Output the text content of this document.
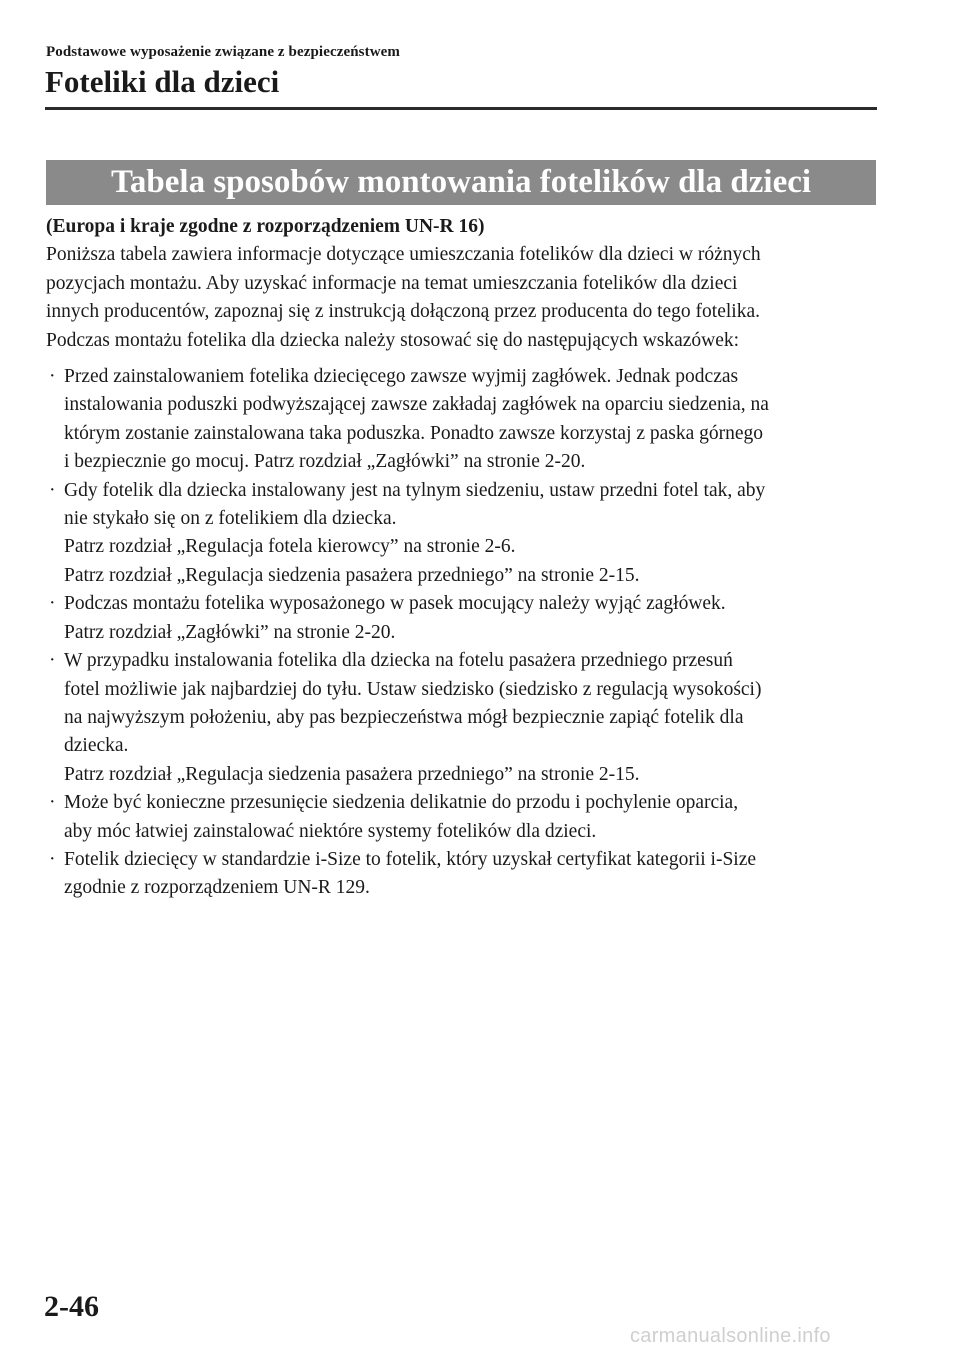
Podstawowe wyposażenie związane z bezpieczeństwem
Foteliki dla dzieci
Tabela sposobów montowania fotelików dla dzieci

(Europa i kraje zgodne z rozporządzeniem UN-R 16)

Poniższa tabela zawiera informacje dotyczące umieszczania fotelików dla dzieci w różnych
pozycjach montażu. Aby uzyskać informacje na temat umieszczania fotelików dla dzieci
innych producentów, zapoznaj się z instrukcją dołączoną przez producenta do tego fotelika.
Podczas montażu fotelika dla dziecka należy stosować się do następujących wskazówek:

· Przed zainstalowaniem fotelika dziecięcego zawsze wyjmij zagłówek. Jednak podczas
instalowania poduszki podwyższającej zawsze zakładaj zagłówek na oparciu siedzenia, na
którym zostanie zainstalowana taka poduszka. Ponadto zawsze korzystaj z paska górnego
i bezpiecznie go mocuj. Patrz rozdział „Zagłówki” na stronie 2-20.
· Gdy fotelik dla dziecka instalowany jest na tylnym siedzeniu, ustaw przedni fotel tak, aby
nie stykało się on z fotelikiem dla dziecka.
Patrz rozdział „Regulacja fotela kierowcy” na stronie 2-6.
Patrz rozdział „Regulacja siedzenia pasażera przedniego” na stronie 2-15.
· Podczas montażu fotelika wyposażonego w pasek mocujący należy wyjąć zagłówek.
Patrz rozdział „Zagłówki” na stronie 2-20.
· W przypadku instalowania fotelika dla dziecka na fotelu pasażera przedniego przesuń
fotel możliwie jak najbardziej do tyłu. Ustaw siedzisko (siedzisko z regulacją wysokości)
na najwyższym położeniu, aby pas bezpieczeństwa mógł bezpiecznie zapiąć fotelik dla
dziecka.
Patrz rozdział „Regulacja siedzenia pasażera przedniego” na stronie 2-15.
· Może być konieczne przesunięcie siedzenia delikatnie do przodu i pochylenie oparcia,
aby móc łatwiej zainstalować niektóre systemy fotelików dla dzieci.
· Fotelik dziecięcy w standardzie i-Size to fotelik, który uzyskał certyfikat kategorii i-Size
zgodnie z rozporządzeniem UN-R 129.
2-46
carmanualsonline.info
